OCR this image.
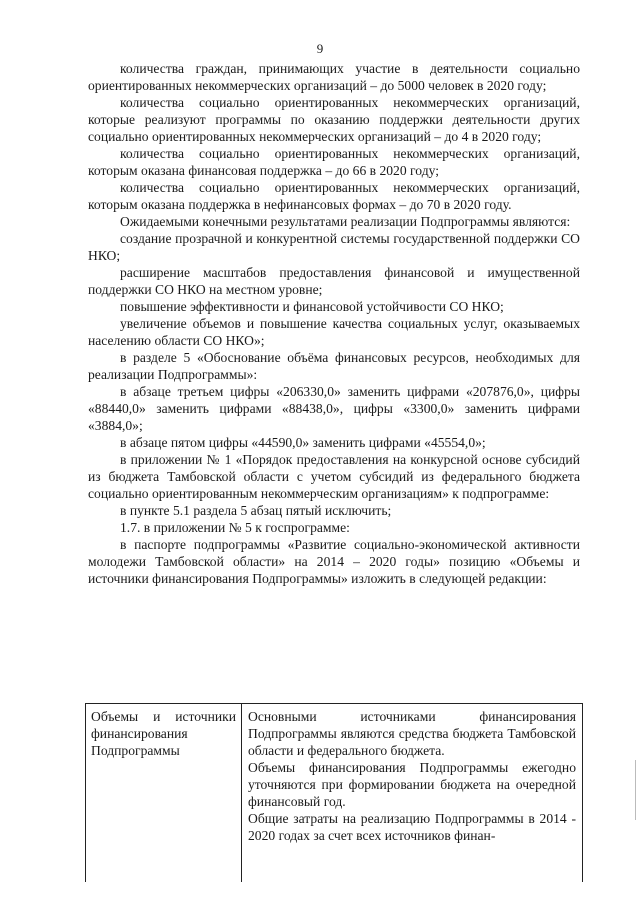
9

количества граждан, принимающих участие в деятельности социально ориентированных некоммерческих организаций – до 5000 человек в 2020 году;

количества социально ориентированных некоммерческих организаций, которые реализуют программы по оказанию поддержки деятельности других социально ориентированных некоммерческих организаций – до 4 в 2020 году;

количества социально ориентированных некоммерческих организаций, которым оказана финансовая поддержка – до 66 в 2020 году;

количества социально ориентированных некоммерческих организаций, которым оказана поддержка в нефинансовых формах – до 70 в 2020 году.

Ожидаемыми конечными результатами реализации Подпрограммы являются:

создание прозрачной и конкурентной системы государственной поддержки СО НКО;

расширение масштабов предоставления финансовой и имущественной поддержки СО НКО на местном уровне;

повышение эффективности и финансовой устойчивости СО НКО;

увеличение объемов и повышение качества социальных услуг, оказываемых населению области СО НКО»;

в разделе 5 «Обоснование объёма финансовых ресурсов, необходимых для реализации Подпрограммы»:

в абзаце третьем цифры «206330,0» заменить цифрами «207876,0», цифры «88440,0» заменить цифрами «88438,0», цифры «3300,0» заменить цифрами «3884,0»;

в абзаце пятом цифры «44590,0» заменить цифрами «45554,0»;

в приложении № 1 «Порядок предоставления на конкурсной основе субсидий из бюджета Тамбовской области с учетом субсидий из федерального бюджета социально ориентированным некоммерческим организациям» к подпрограмме:

в пункте 5.1 раздела 5 абзац пятый исключить;

1.7. в приложении № 5 к госпрограмме:

в паспорте подпрограммы «Развитие социально-экономической активности молодежи Тамбовской области» на 2014 – 2020 годы» позицию «Объемы и источники финансирования Подпрограммы» изложить в следующей редакции:

Объемы и источники финансирования Подпрограммы

Основными источниками финансирования Подпрограммы являются средства бюджета Тамбовской области и федерального бюджета.

Объемы финансирования Подпрограммы ежегодно уточняются при формировании бюджета на очередной финансовый год.

Общие затраты на реализацию Подпрограммы в 2014 - 2020 годах за счет всех источников финан-
